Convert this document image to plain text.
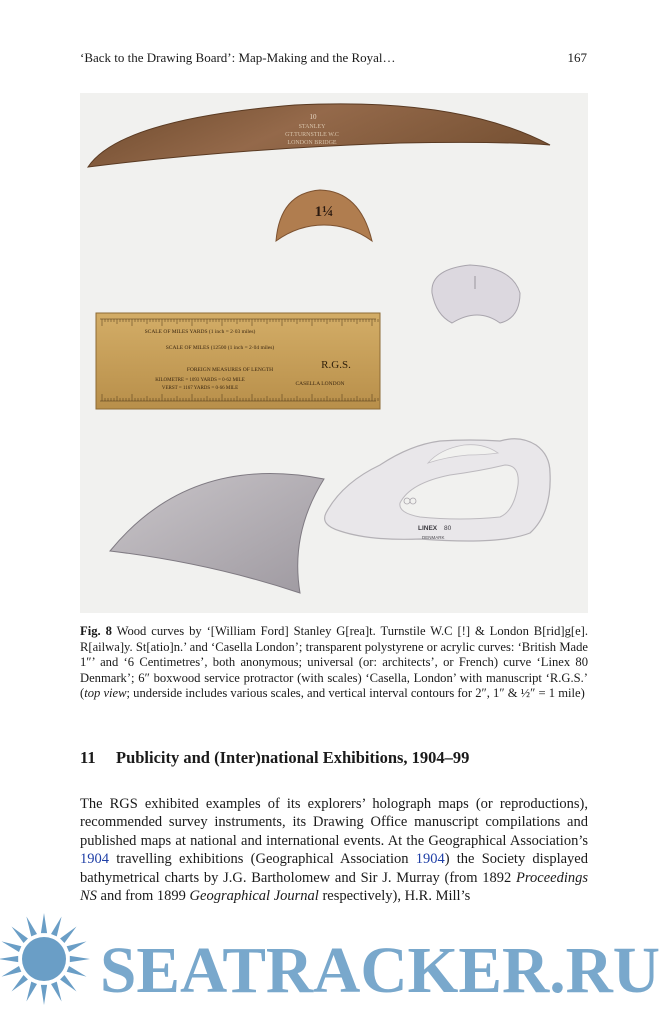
‘Back to the Drawing Board’: Map-Making and the Royal…	167
10
STANLEY
GT.TURNSTILE W.C
LONDON BRIDGE
1¼
SCALE OF MILES YARDS (1 inch = 2·03 miles)
SCALE OF MILES (12500 (1 inch = 2·04 miles)
R.G.S.
FOREIGN MEASURES OF LENGTH
KILOMETRE = 1093 YARDS = 0·62 MILE
VERST = 1167 YARDS = 0·66 MILE
CASELLA LONDON
LINEX 80
DENMARK
Fig. 8 Wood curves by ‘[William Ford] Stanley G[rea]t. Turnstile W.C [!] & London B[rid]g[e]. R[ailwa]y. St[atio]n.’ and ‘Casella London’; transparent polystyrene or acrylic curves: ‘British Made 1″’ and ‘6 Centimetres’, both anonymous; universal (or: architects’, or French) curve ‘Linex 80 Denmark’; 6″ boxwood service protractor (with scales) ‘Casella, London’ with manuscript ‘R.G.S.’ (top view; underside includes various scales, and vertical interval contours for 2″, 1″ & ½″ = 1 mile)
11 Publicity and (Inter)national Exhibitions, 1904–99
The RGS exhibited examples of its explorers’ holograph maps (or reproductions), recommended survey instruments, its Drawing Office manuscript compilations and published maps at national and international events. At the Geographical Association’s 1904 travelling exhibitions (Geographical Association 1904) the Society displayed bathymetrical charts by J.G. Bartholomew and Sir J. Murray (from 1892 Proceedings NS and from 1899 Geographical Journal respectively), H.R. Mill’s
SEATRACKER.RU
